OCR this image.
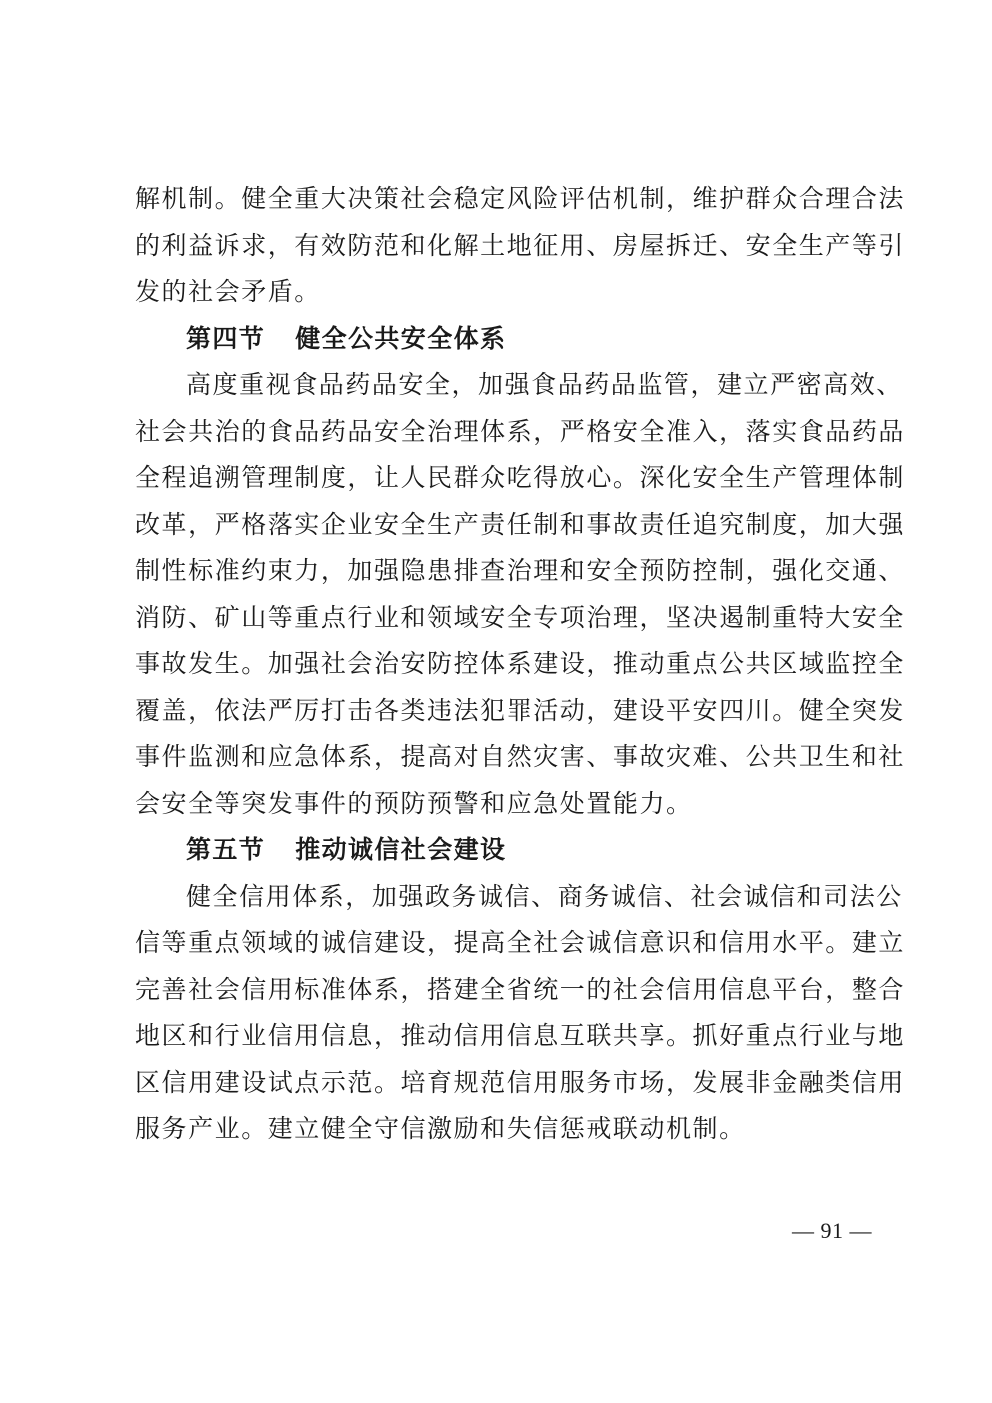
解机制。健全重大决策社会稳定风险评估机制，维护群众合理合法
的利益诉求，有效防范和化解土地征用、房屋拆迁、安全生产等引
发的社会矛盾。
第四节 健全公共安全体系
高度重视食品药品安全，加强食品药品监管，建立严密高效、
社会共治的食品药品安全治理体系，严格安全准入，落实食品药品
全程追溯管理制度，让人民群众吃得放心。深化安全生产管理体制
改革，严格落实企业安全生产责任制和事故责任追究制度，加大强
制性标准约束力，加强隐患排查治理和安全预防控制，强化交通、
消防、矿山等重点行业和领域安全专项治理，坚决遏制重特大安全
事故发生。加强社会治安防控体系建设，推动重点公共区域监控全
覆盖，依法严厉打击各类违法犯罪活动，建设平安四川。健全突发
事件监测和应急体系，提高对自然灾害、事故灾难、公共卫生和社
会安全等突发事件的预防预警和应急处置能力。
第五节 推动诚信社会建设
健全信用体系，加强政务诚信、商务诚信、社会诚信和司法公
信等重点领域的诚信建设，提高全社会诚信意识和信用水平。建立
完善社会信用标准体系，搭建全省统一的社会信用信息平台，整合
地区和行业信用信息，推动信用信息互联共享。抓好重点行业与地
区信用建设试点示范。培育规范信用服务市场，发展非金融类信用
服务产业。建立健全守信激励和失信惩戒联动机制。
— 91 —
